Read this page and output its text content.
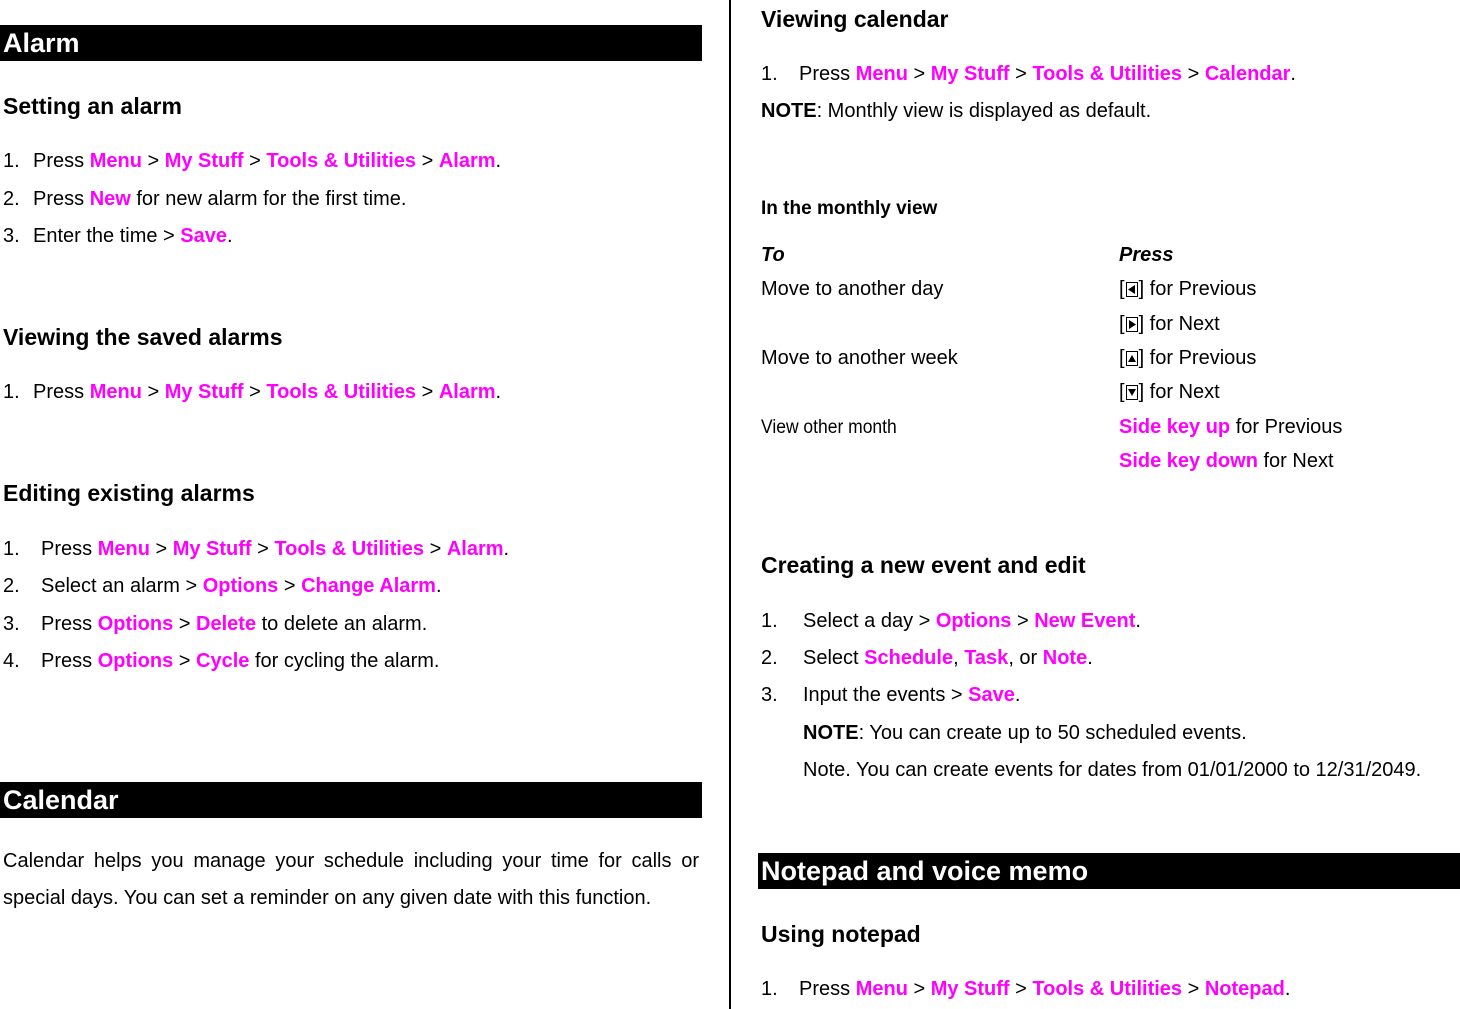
Alarm
Setting an alarm
1. Press Menu > My Stuff > Tools & Utilities > Alarm.
2. Press New for new alarm for the first time.
3. Enter the time > Save.
Viewing the saved alarms
1. Press Menu > My Stuff > Tools & Utilities > Alarm.
Editing existing alarms
1. Press Menu > My Stuff > Tools & Utilities > Alarm.
2. Select an alarm > Options > Change Alarm.
3. Press Options > Delete to delete an alarm.
4. Press Options > Cycle for cycling the alarm.
Calendar
Calendar helps you manage your schedule including your time for calls or special days. You can set a reminder on any given date with this function.
Viewing calendar
1. Press Menu > My Stuff > Tools & Utilities > Calendar.
NOTE: Monthly view is displayed as default.
In the monthly view
To	Press
Move to another day	[ ] for Previous
[ ] for Next
Move to another week	[ ] for Previous
[ ] for Next
View other month	Side key up for Previous
Side key down for Next
Creating a new event and edit
1. Select a day > Options > New Event.
2. Select Schedule, Task, or Note.
3. Input the events > Save.
NOTE: You can create up to 50 scheduled events.
Note. You can create events for dates from 01/01/2000 to 12/31/2049.
Notepad and voice memo
Using notepad
1. Press Menu > My Stuff > Tools & Utilities > Notepad.
